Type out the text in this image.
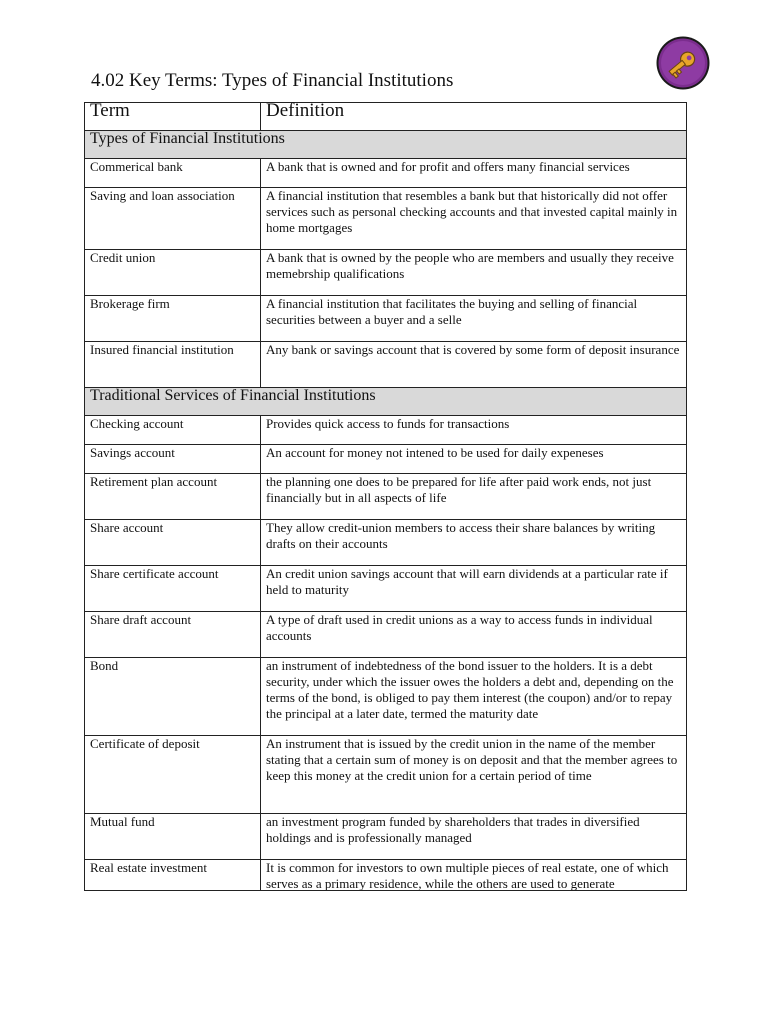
4.02 Key Terms: Types of Financial Institutions
Term	Definition
Types of Financial Institutions	
Commerical bank	A bank that is owned and for profit and offers many financial services
Saving and loan association	A financial institution that resembles a bank but that historically did not offer services such as personal checking accounts and that invested capital mainly in home mortgages
Credit union	A bank that is owned by the people who are members and usually they receive memebrship qualifications
Brokerage firm	A financial institution that facilitates the buying and selling of financial securities between a buyer and a selle
Insured financial institution	Any bank or savings account that is covered by some form of deposit insurance
Traditional Services of Financial Institutions	
Checking account	Provides quick access to funds for transactions
Savings account	An account for money not intened to be used for daily expeneses
Retirement plan account	the planning one does to be prepared for life after paid work ends, not just financially but in all aspects of life
Share account	They allow credit-union members to access their share balances by writing drafts on their accounts
Share certificate account	An credit union savings account that will earn dividends at a particular rate if held to maturity
Share draft account	A type of draft used in credit unions as a way to access funds in individual accounts
Bond	an instrument of indebtedness of the bond issuer to the holders. It is a debt security, under which the issuer owes the holders a debt and, depending on the terms of the bond, is obliged to pay them interest (the coupon) and/or to repay the principal at a later date, termed the maturity date
Certificate of deposit	An instrument that is issued by the credit union in the name of the member stating that a certain sum of money is on deposit and that the member agrees to keep this money at the credit union for a certain period of time
Mutual fund	an investment program funded by shareholders that trades in diversified holdings and is professionally managed
Real estate investment	It is common for investors to own multiple pieces of real estate, one of which serves as a primary residence, while the others are used to generate
